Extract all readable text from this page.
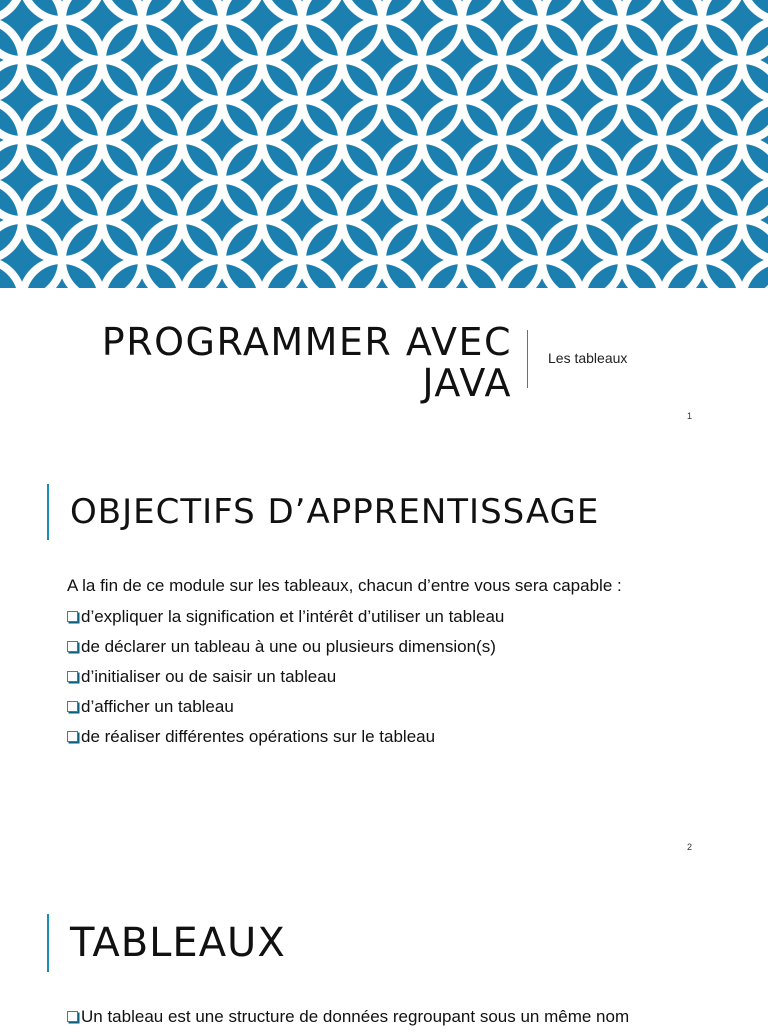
PROGRAMMER AVEC
JAVA
Les tableaux
1
OBJECTIFS D’APPRENTISSAGE
A la fin de ce module sur les tableaux, chacun d’entre vous sera capable :
d’expliquer la signification et l’intérêt d’utiliser un tableau
de déclarer un tableau à une ou plusieurs dimension(s)
d’initialiser ou de saisir un tableau
d’afficher un tableau
de réaliser différentes opérations sur le tableau
2
TABLEAUX
Un tableau est une structure de données regroupant sous un même nom
